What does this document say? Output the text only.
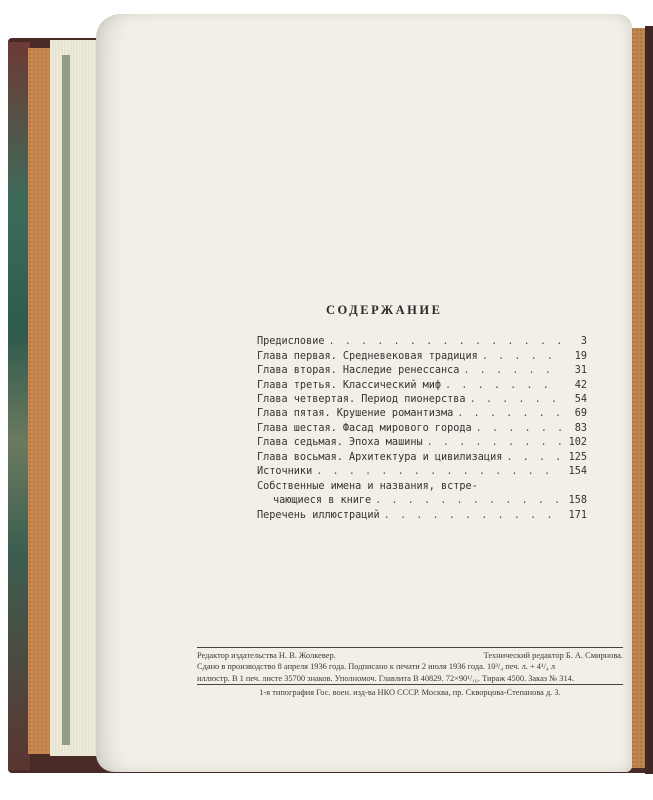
СОДЕРЖАНИЕ
Предисловие . . .	3
Глава первая. Средневековая традиция . . .	19
Глава вторая. Наследие ренессанса . . .	31
Глава третья. Классический миф . . .	42
Глава четвертая. Период пионерства . . .	54
Глава пятая. Крушение романтизма . . .	69
Глава шестая. Фасад мирового города . . .	83
Глава седьмая. Эпоха машины . . .	102
Глава восьмая. Архитектура и цивилизация . . .	125
Источники . . .	154
Собственные имена и названия, встре-
чающиеся в книге . . .	158
Перечень иллюстраций . . .	171
Редактор издательства Н. В. Жолкевер.	Технический редактор Б. А. Смирнова.
Сдано в производство 8 апреля 1936 года. Подписано к печати 2 июля 1936 года. 10³/₄ печ. л. + 4¹/₄ л
иллюстр. В 1 печ. листе 35700 знаков. Уполномоч. Главлита В 40829. 72×90¹/₁₆. Тираж 4500. Заказ № 314.
1-я типография Гос. воен. изд-ва НКО СССР. Москва, пр. Скворцова-Степанова д. 3.
